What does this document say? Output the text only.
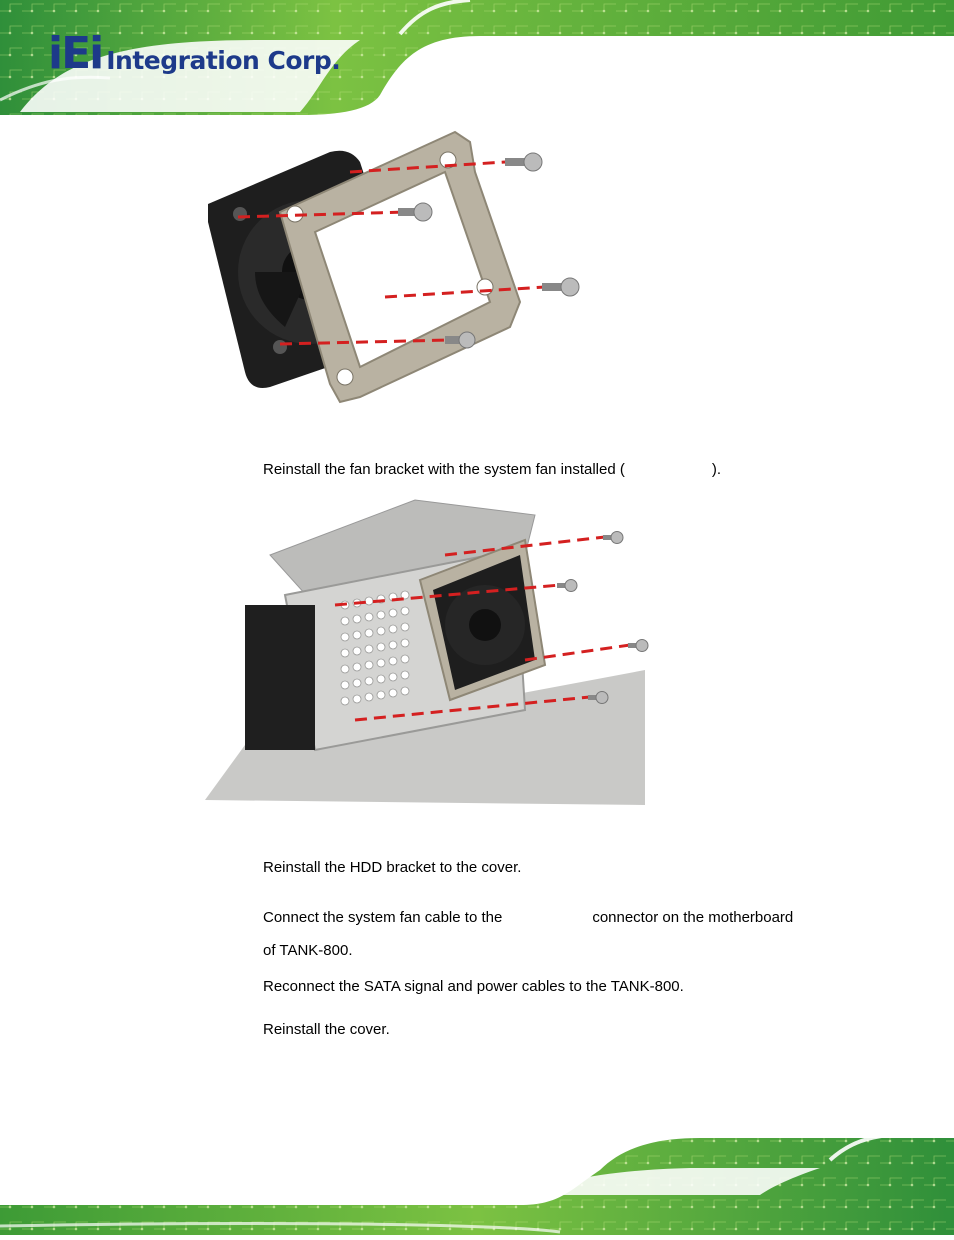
iEi Integration Corp.
Reinstall the fan bracket with the system fan installed (	).
Reinstall the HDD bracket to the cover.
Connect the system fan cable to the	connector on the motherboard
of TANK-800.
Reconnect the SATA signal and power cables to the TANK-800.
Reinstall the cover.
